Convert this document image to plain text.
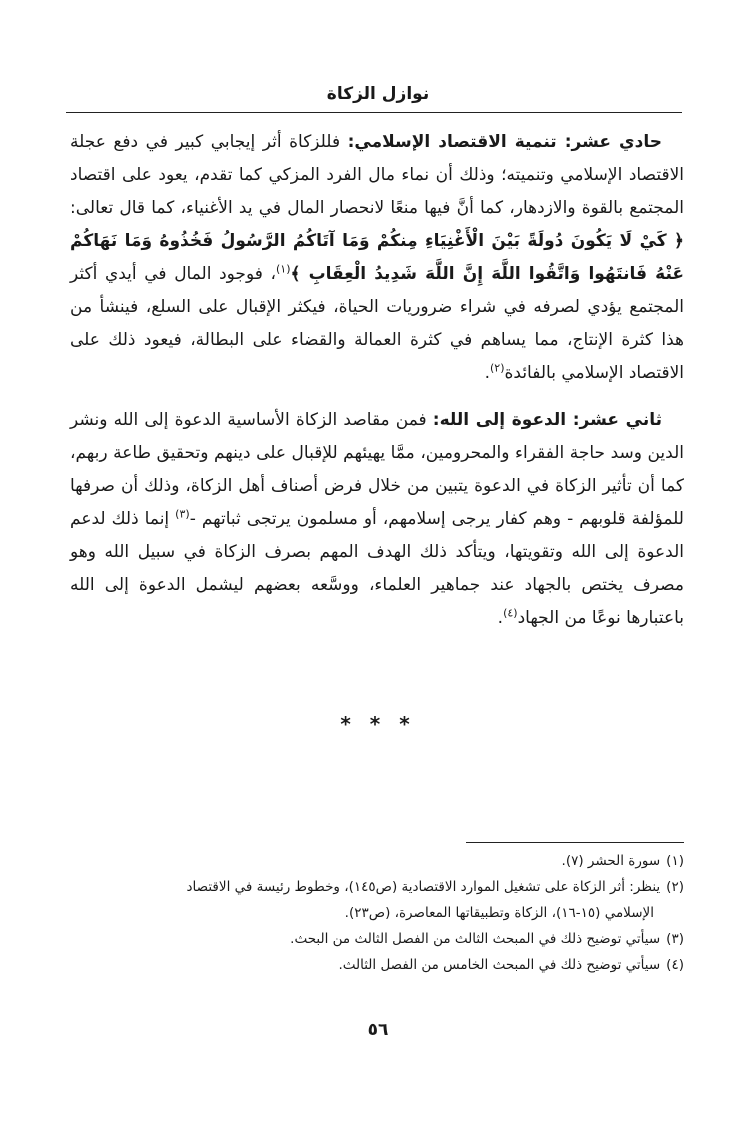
نوازل الزكاة

حادي عشر: تنمية الاقتصاد الإسلامي: فللزكاة أثر إيجابي كبير في دفع عجلة الاقتصاد الإسلامي وتنميته؛ وذلك أن نماء مال الفرد المزكي كما تقدم، يعود على اقتصاد المجتمع بالقوة والازدهار، كما أنَّ فيها منعًا لانحصار المال في يد الأغنياء، كما قال تعالى: ﴿ كَيْ لَا يَكُونَ دُولَةً بَيْنَ الْأَغْنِيَاءِ مِنكُمْ وَمَا آتَاكُمُ الرَّسُولُ فَخُذُوهُ وَمَا نَهَاكُمْ عَنْهُ فَانتَهُوا وَاتَّقُوا اللَّهَ إِنَّ اللَّهَ شَدِيدُ الْعِقَابِ ﴾$^{(١)}$، فوجود المال في أيدي أكثر المجتمع يؤدي لصرفه في شراء ضروريات الحياة، فيكثر الإقبال على السلع، فينشأ من هذا كثرة الإنتاج، مما يساهم في كثرة العمالة والقضاء على البطالة، فيعود ذلك على الاقتصاد الإسلامي بالفائدة$^{(٢)}$.

ثاني عشر: الدعوة إلى الله: فمن مقاصد الزكاة الأساسية الدعوة إلى الله ونشر الدين وسد حاجة الفقراء والمحرومين، ممَّا يهيئهم للإقبال على دينهم وتحقيق طاعة ربهم، كما أن تأثير الزكاة في الدعوة يتبين من خلال فرض أصناف أهل الزكاة، وذلك أن صرفها للمؤلفة قلوبهم - وهم كفار يرجى إسلامهم، أو مسلمون يرتجى ثباتهم -$^{(٣)}$ إنما ذلك لدعم الدعوة إلى الله وتقويتها، ويتأكد ذلك الهدف المهم بصرف الزكاة في سبيل الله وهو مصرف يختص بالجهاد عند جماهير العلماء، ووسَّعه بعضهم ليشمل الدعوة إلى الله باعتبارها نوعًا من الجهاد$^{(٤)}$.

* * *

(١)سورة الحشر (٧).

(٢)ينظر: أثر الزكاة على تشغيل الموارد الاقتصادية (ص١٤٥)، وخطوط رئيسة في الاقتصاد

الإسلامي (١٥-١٦)، الزكاة وتطبيقاتها المعاصرة، (ص٢٣).

(٣)سيأتي توضيح ذلك في المبحث الثالث من الفصل الثالث من البحث.

(٤)سيأتي توضيح ذلك في المبحث الخامس من الفصل الثالث.

٥٦
